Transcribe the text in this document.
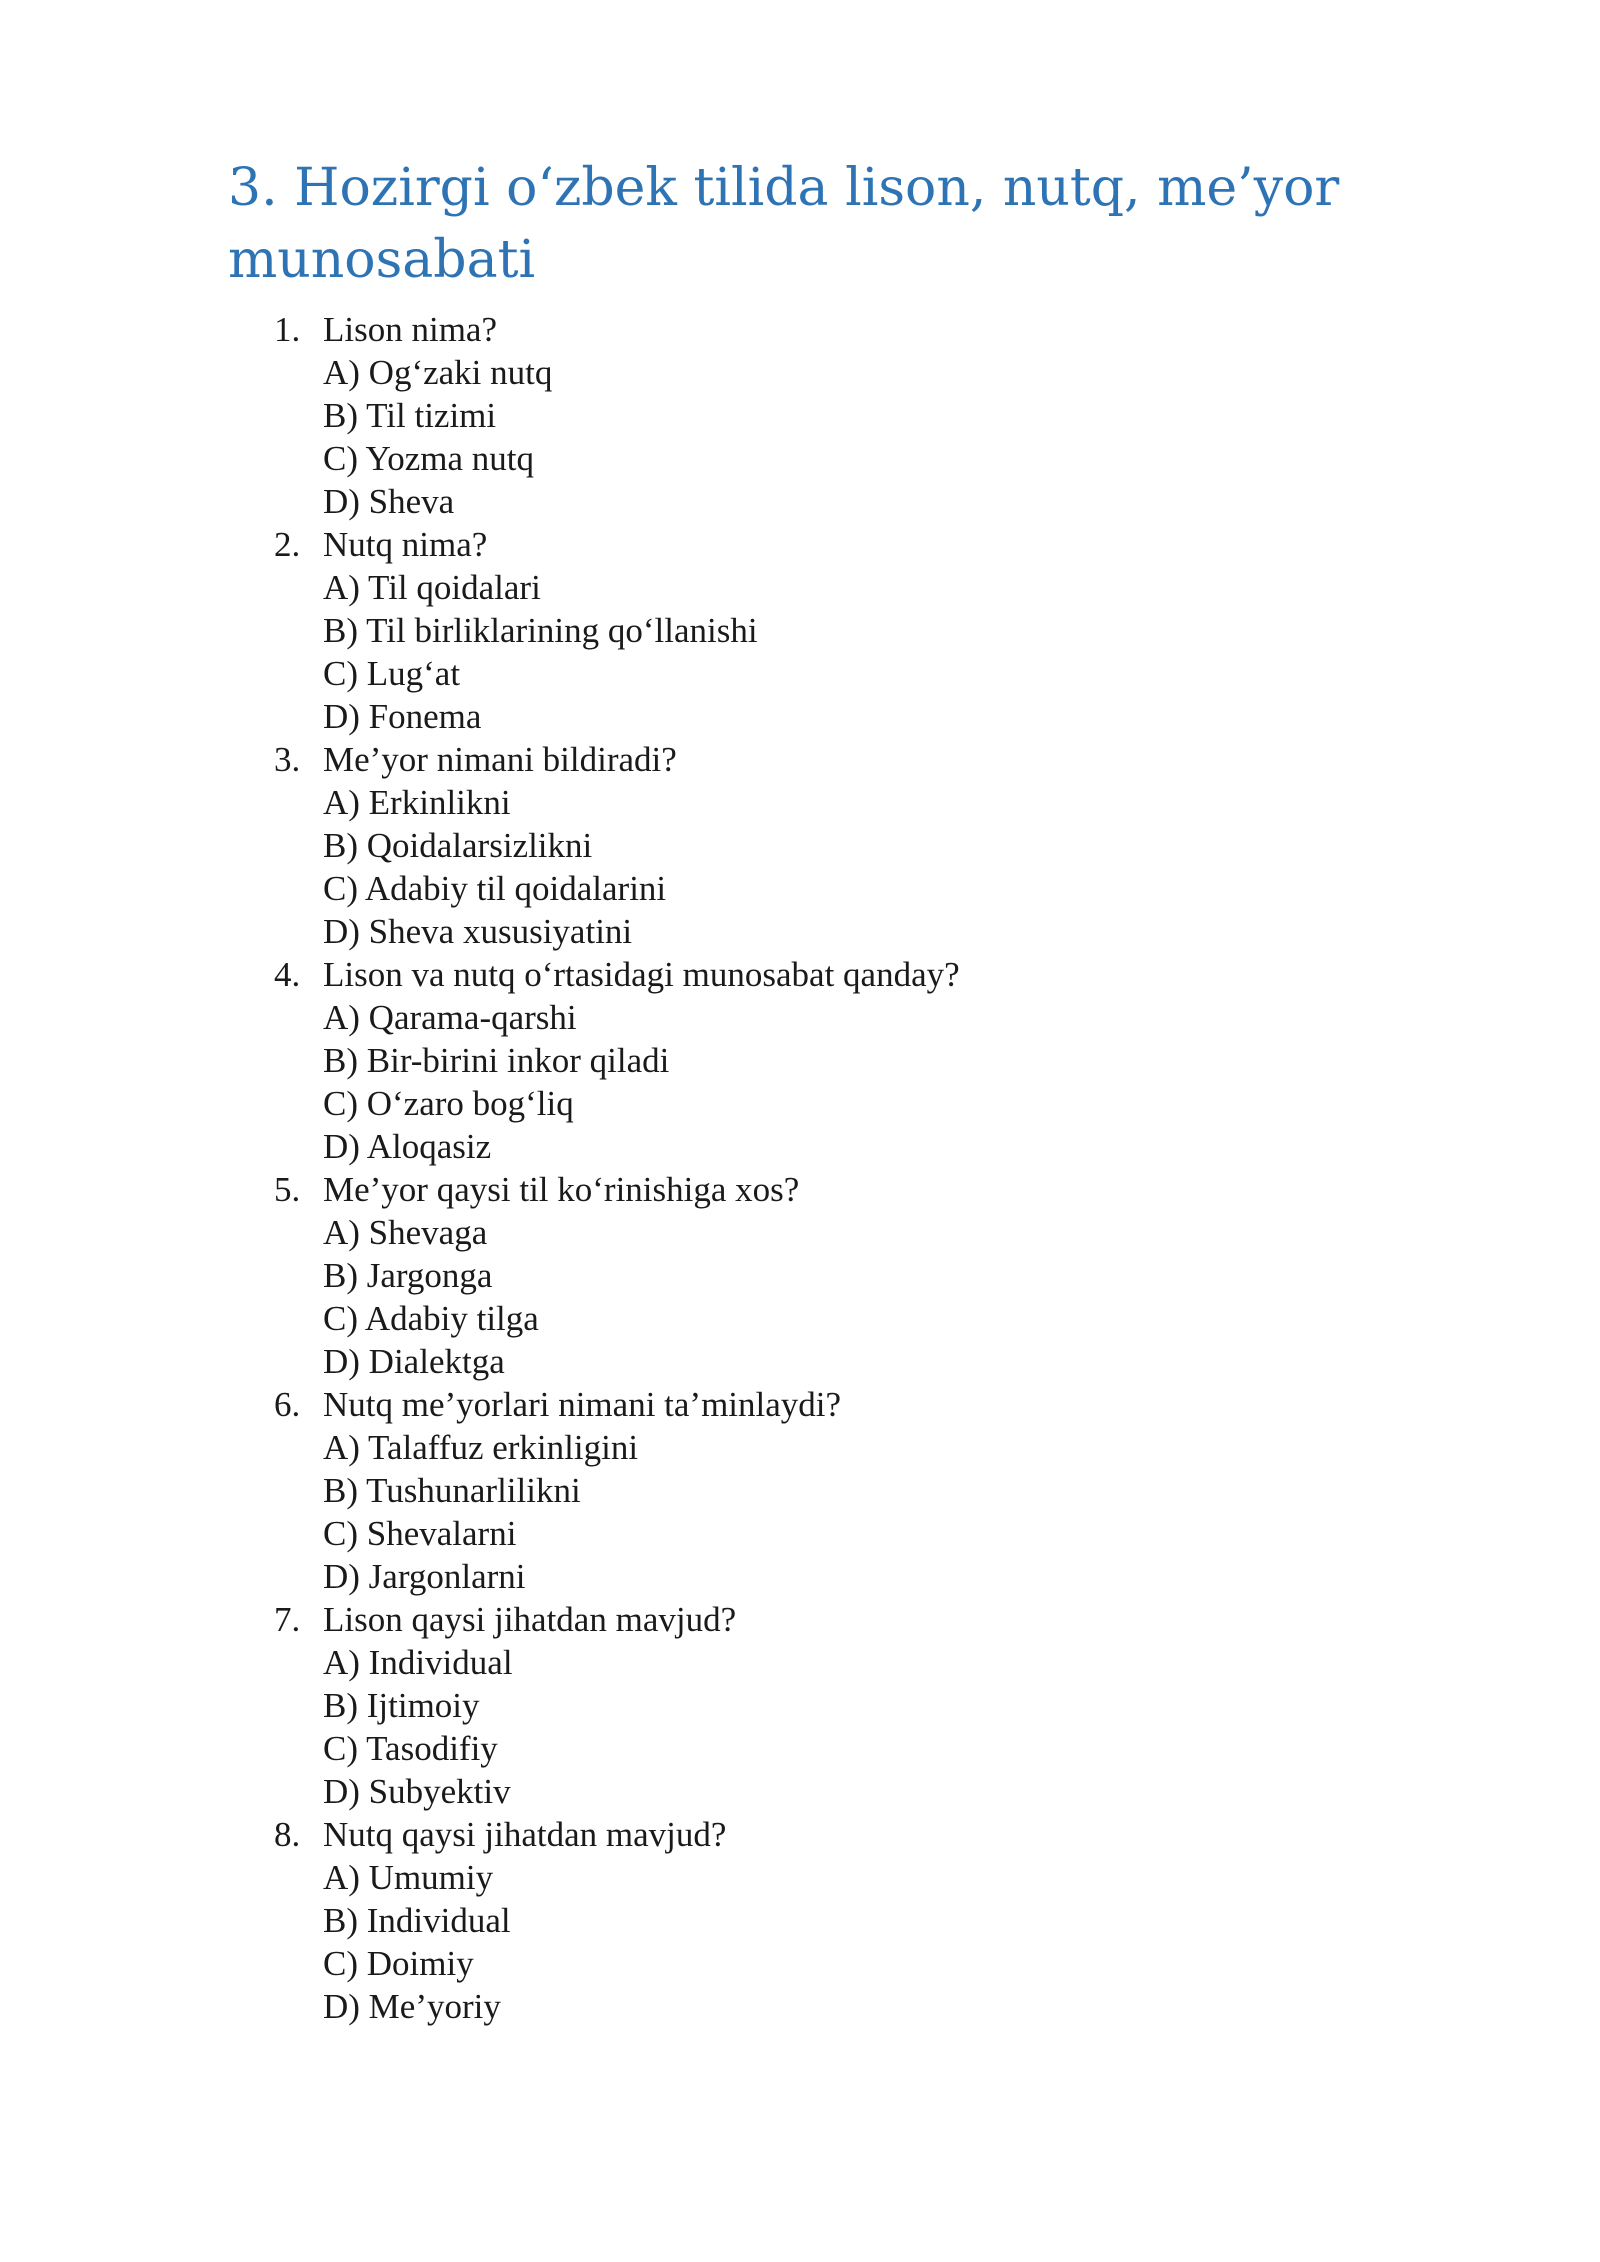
3. Hozirgi o‘zbek tilida lison, nutq, me’yor munosabati
1. Lison nima?
A) Og‘zaki nutq
B) Til tizimi
C) Yozma nutq
D) Sheva
2. Nutq nima?
A) Til qoidalari
B) Til birliklarining qo‘llanishi
C) Lug‘at
D) Fonema
3. Me’yor nimani bildiradi?
A) Erkinlikni
B) Qoidalarsizlikni
C) Adabiy til qoidalarini
D) Sheva xususiyatini
4. Lison va nutq o‘rtasidagi munosabat qanday?
A) Qarama-qarshi
B) Bir-birini inkor qiladi
C) O‘zaro bog‘liq
D) Aloqasiz
5. Me’yor qaysi til ko‘rinishiga xos?
A) Shevaga
B) Jargonga
C) Adabiy tilga
D) Dialektga
6. Nutq me’yorlari nimani ta’minlaydi?
A) Talaffuz erkinligini
B) Tushunarlilikni
C) Shevalarni
D) Jargonlarni
7. Lison qaysi jihatdan mavjud?
A) Individual
B) Ijtimoiy
C) Tasodifiy
D) Subyektiv
8. Nutq qaysi jihatdan mavjud?
A) Umumiy
B) Individual
C) Doimiy
D) Me’yoriy
